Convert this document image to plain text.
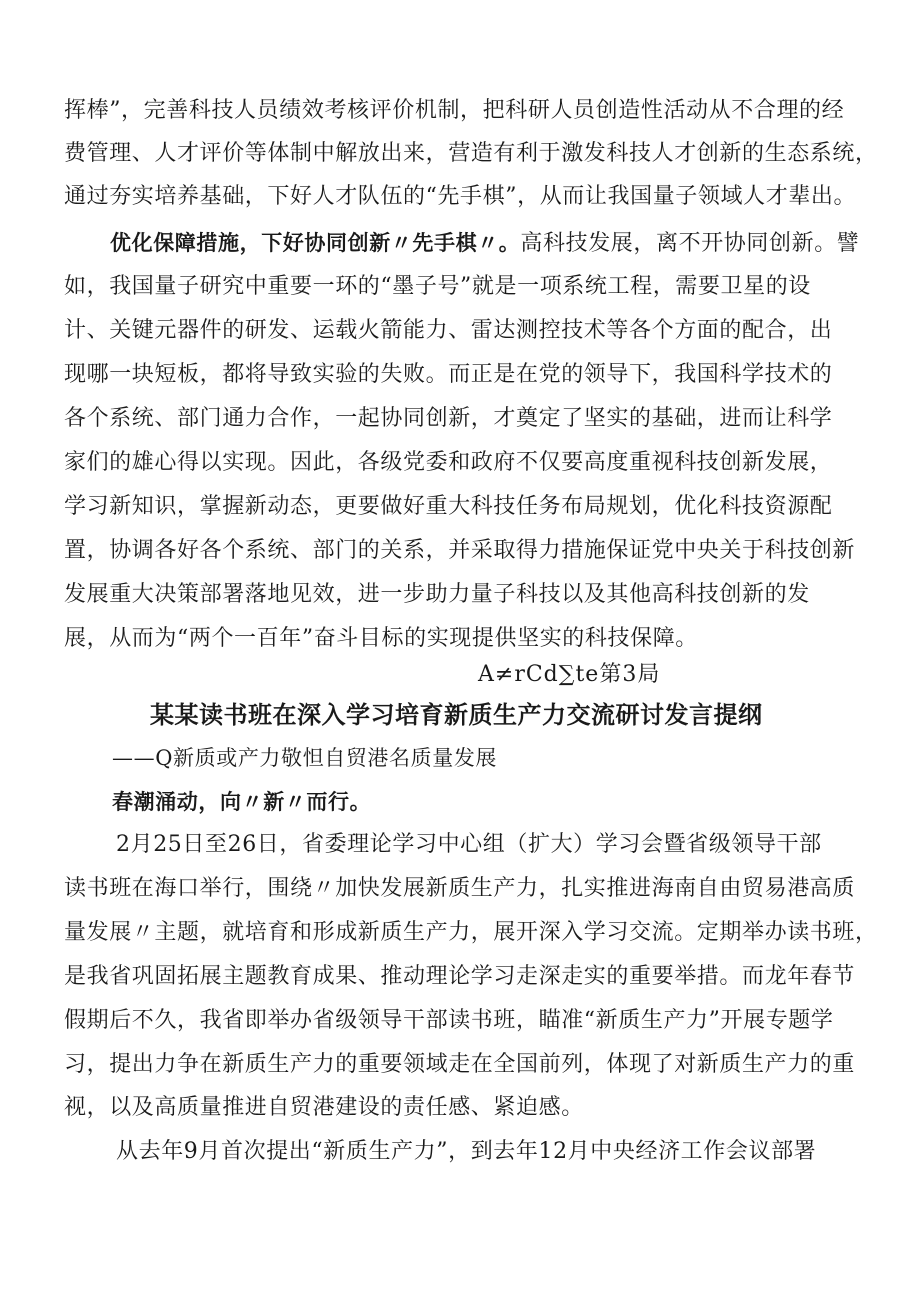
挥棒”，完善科技人员绩效考核评价机制，把科研人员创造性活动从不合理的经
费管理、人才评价等体制中解放出来，营造有利于激发科技人才创新的生态系统，
通过夯实培养基础，下好人才队伍的“先手棋”，从而让我国量子领域人才辈出。
优化保障措施，下好协同创新〃先手棋〃。高科技发展，离不开协同创新。譬
如，我国量子研究中重要一环的“墨子号”就是一项系统工程，需要卫星的设
计、关键元器件的研发、运载火箭能力、雷达测控技术等各个方面的配合，出
现哪一块短板，都将导致实验的失败。而正是在党的领导下，我国科学技术的
各个系统、部门通力合作，一起协同创新，才奠定了坚实的基础，进而让科学
家们的雄心得以实现。因此，各级党委和政府不仅要高度重视科技创新发展，
学习新知识，掌握新动态，更要做好重大科技任务布局规划，优化科技资源配
置，协调各好各个系统、部门的关系，并采取得力措施保证党中央关于科技创新
发展重大决策部署落地见效，进一步助力量子科技以及其他高科技创新的发
展，从而为“两个一百年”奋斗目标的实现提供坚实的科技保障。
A≠rCd∑te第3局
某某读书班在深入学习培育新质生产力交流研讨发言提纲
——Q新质或产力敬怛自贸港名质量发展
春潮涌动，向〃新〃而行。
2月25日至26日，省委理论学习中心组（扩大）学习会暨省级领导干部
读书班在海口举行，围绕〃加快发展新质生产力，扎实推进海南自由贸易港高质
量发展〃主题，就培育和形成新质生产力，展开深入学习交流。定期举办读书班，
是我省巩固拓展主题教育成果、推动理论学习走深走实的重要举措。而龙年春节
假期后不久，我省即举办省级领导干部读书班，瞄准“新质生产力”开展专题学
习，提出力争在新质生产力的重要领域走在全国前列，体现了对新质生产力的重
视，以及高质量推进自贸港建设的责任感、紧迫感。
从去年9月首次提出“新质生产力”，到去年12月中央经济工作会议部署
